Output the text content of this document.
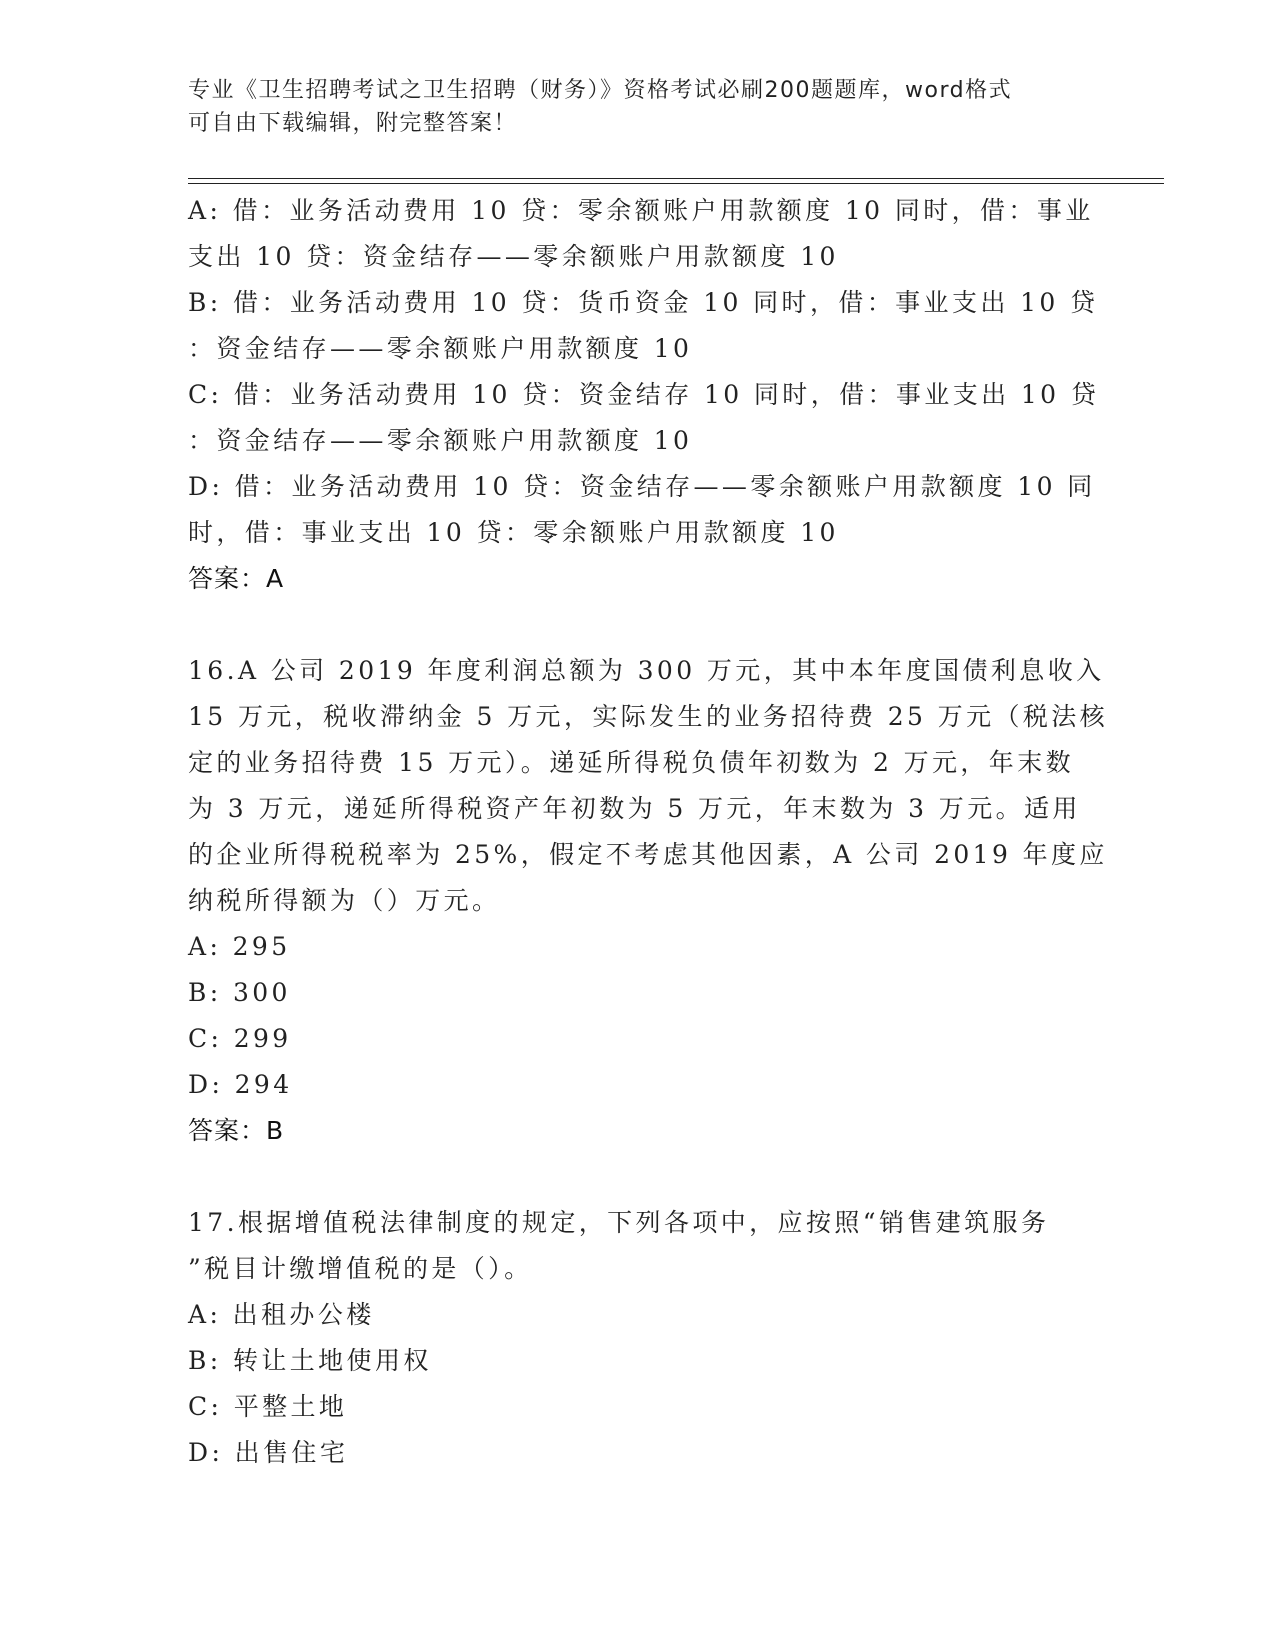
专业《卫生招聘考试之卫生招聘（财务）》资格考试必刷200题题库，word格式
可自由下载编辑，附完整答案！

A: 借：业务活动费用 10 贷：零余额账户用款额度 10 同时，借：事业

支出 10 贷：资金结存——零余额账户用款额度 10

B: 借：业务活动费用 10 贷：货币资金 10 同时，借：事业支出 10 贷

：资金结存——零余额账户用款额度 10

C: 借：业务活动费用 10 贷：资金结存 10 同时，借：事业支出 10 贷

：资金结存——零余额账户用款额度 10

D: 借：业务活动费用 10 贷：资金结存——零余额账户用款额度 10 同

时，借：事业支出 10 贷：零余额账户用款额度 10

答案：A

16.A 公司 2019 年度利润总额为 300 万元，其中本年度国债利息收入

15 万元，税收滞纳金 5 万元，实际发生的业务招待费 25 万元（税法核

定的业务招待费 15 万元）。递延所得税负债年初数为 2 万元，年末数

为 3 万元，递延所得税资产年初数为 5 万元，年末数为 3 万元。适用

的企业所得税税率为 25%，假定不考虑其他因素，A 公司 2019 年度应

纳税所得额为（）万元。

A: 295

B: 300

C: 299

D: 294

答案：B

17.根据增值税法律制度的规定，下列各项中，应按照“销售建筑服务

”税目计缴增值税的是（）。

A: 出租办公楼

B: 转让土地使用权

C: 平整土地

D: 出售住宅
